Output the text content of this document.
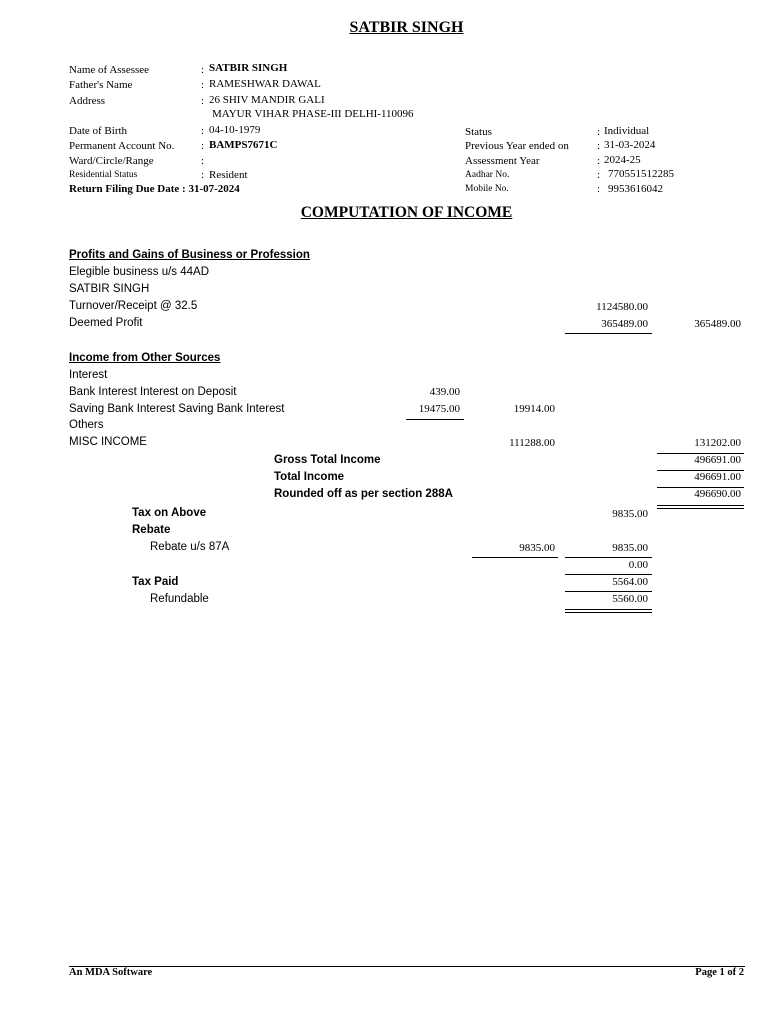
SATBIR SINGH
Name of Assessee	: SATBIR SINGH
Father's Name	: RAMESHWAR DAWAL
Address	: 26 SHIV MANDIR GALI
MAYUR VIHAR PHASE-III DELHI-110096
Date of Birth	: 04-10-1979
Permanent Account No. : BAMPS7671C
Ward/Circle/Range	:
Residential Status	: Resident
Return Filing Due Date : 31-07-2024
Status	: Individual
Previous Year ended on	: 31-03-2024
Assessment Year	: 2024-25
Aadhar No.	: 770551512285
Mobile No.	: 9953616042
COMPUTATION OF INCOME
Profits and Gains of Business or Profession
Elegible business u/s 44AD
SATBIR SINGH
Turnover/Receipt @ 32.5	1124580.00
Deemed Profit	365489.00	365489.00
Income from Other Sources
Interest
Bank Interest Interest on Deposit	439.00
Saving Bank Interest Saving Bank Interest	19475.00	19914.00
Others
MISC INCOME	111288.00	131202.00
Gross Total Income	496691.00
Total Income	496691.00
Rounded off as per section 288A	496690.00
Tax on Above	9835.00
Rebate
Rebate u/s 87A	9835.00	9835.00
0.00
Tax Paid	5564.00
Refundable	5560.00
An MDA Software	Page 1 of 2
